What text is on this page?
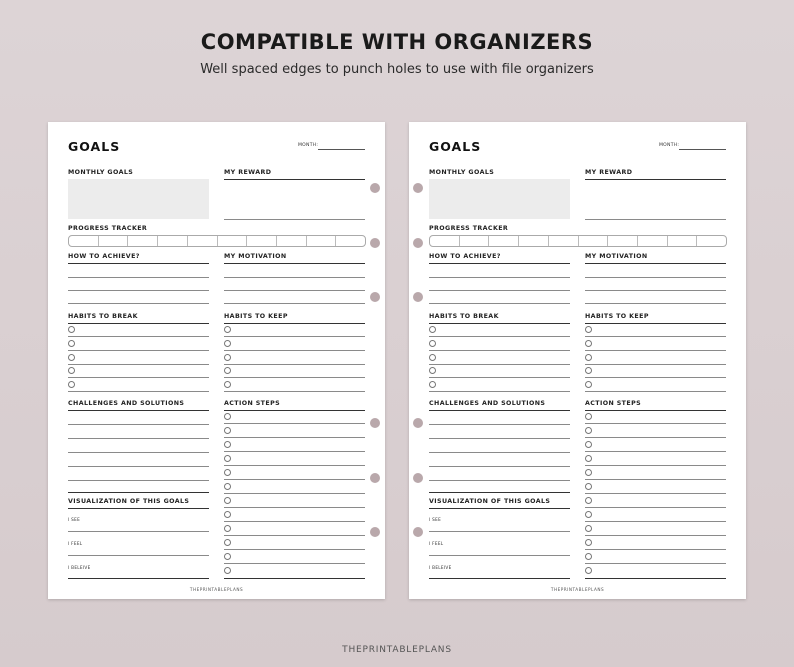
COMPATIBLE WITH ORGANIZERS
Well spaced edges to punch holes to use with file organizers
GOALS	MONTH:
MONTHLY GOALS	MY REWARD
PROGRESS TRACKER
HOW TO ACHIEVE?	MY MOTIVATION
HABITS TO BREAK	HABITS TO KEEP
CHALLENGES AND SOLUTIONS
VISUALIZATION OF THIS GOALS
I SEE
I FEEL
I BELEIVE
ACTION STEPS
THEPRINTABLEPLANS
GOALS	MONTH:
MONTHLY GOALS	MY REWARD
PROGRESS TRACKER
HOW TO ACHIEVE?	MY MOTIVATION
HABITS TO BREAK	HABITS TO KEEP
CHALLENGES AND SOLUTIONS
VISUALIZATION OF THIS GOALS
I SEE
I FEEL
I BELEIVE
ACTION STEPS
THEPRINTABLEPLANS
THEPRINTABLEPLANS
